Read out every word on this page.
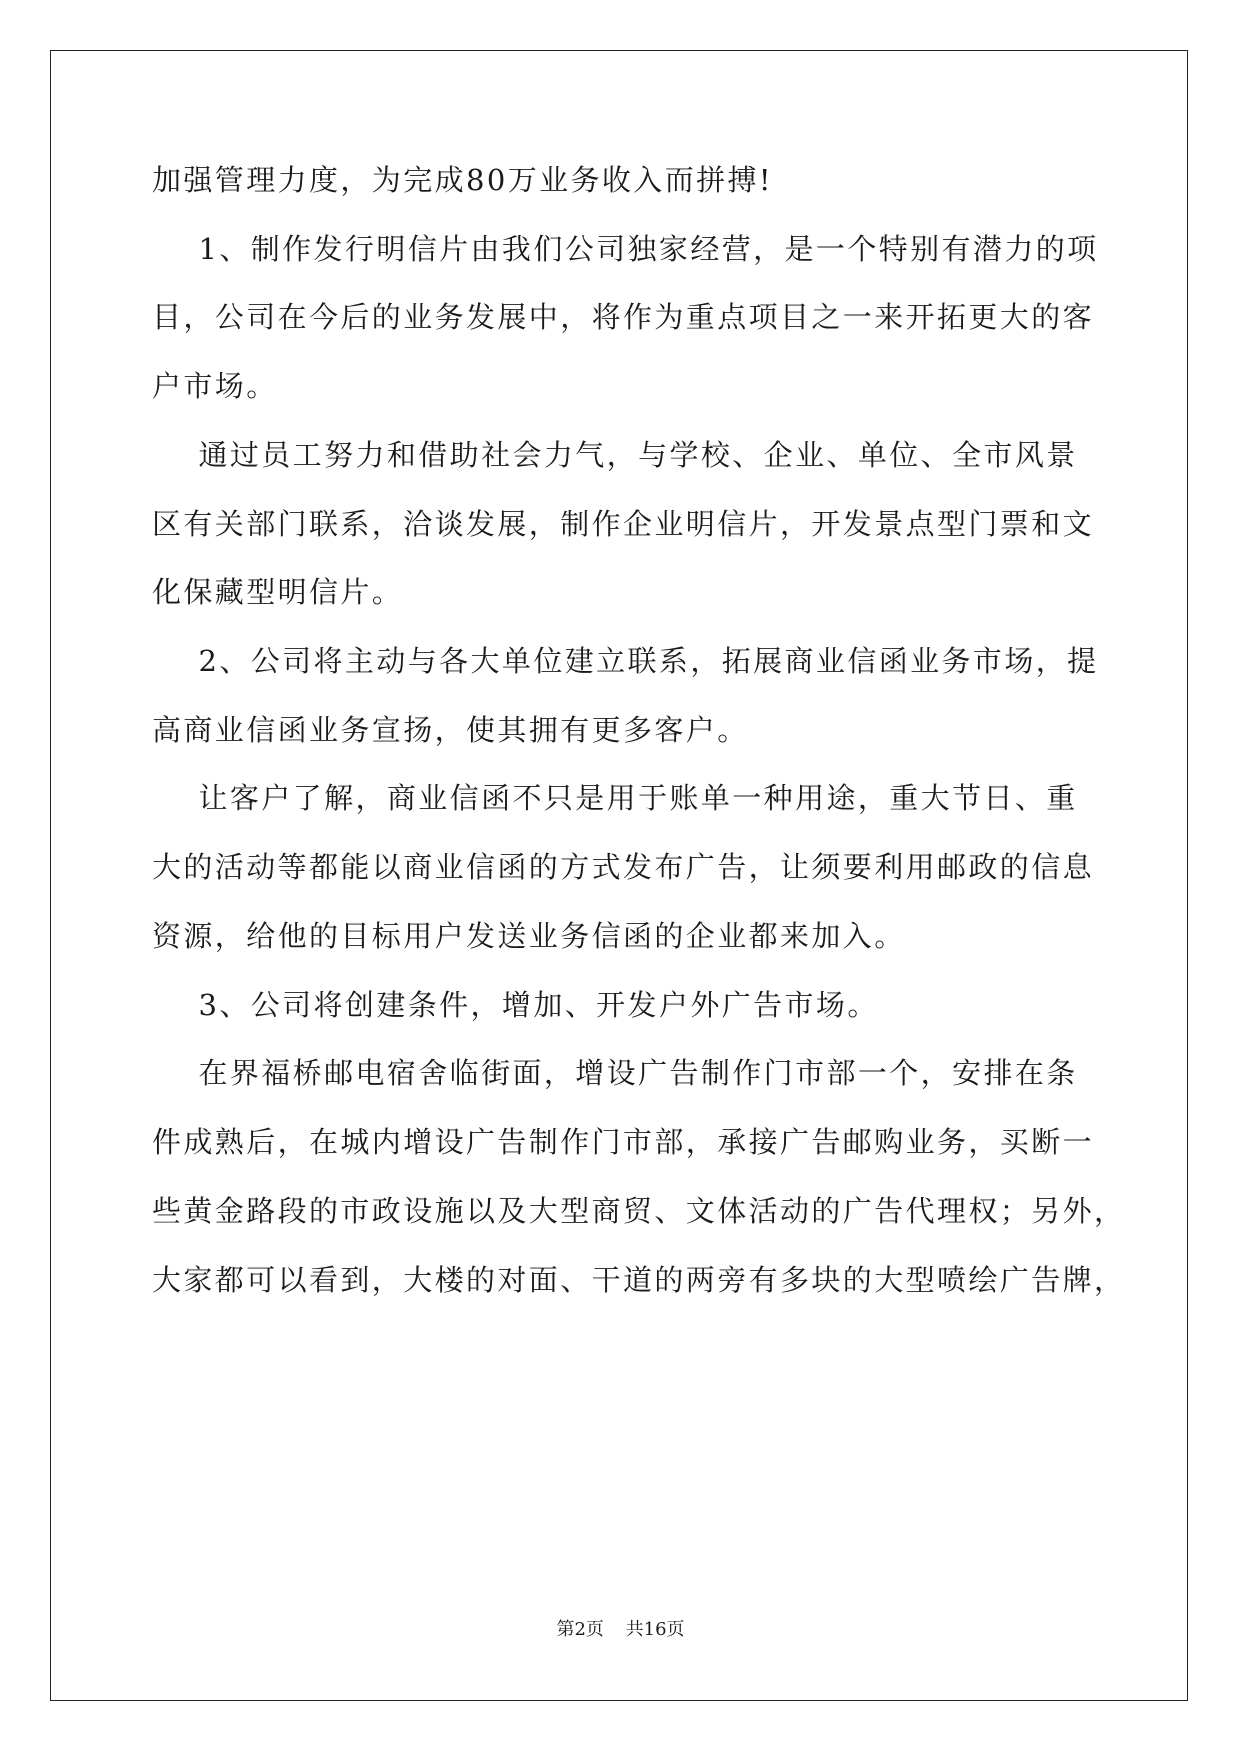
加强管理力度，为完成80万业务收入而拼搏!
1、制作发行明信片由我们公司独家经营，是一个特别有潜力的项
目，公司在今后的业务发展中，将作为重点项目之一来开拓更大的客
户市场。
通过员工努力和借助社会力气，与学校、企业、单位、全市风景
区有关部门联系，洽谈发展，制作企业明信片，开发景点型门票和文
化保藏型明信片。
2、公司将主动与各大单位建立联系，拓展商业信函业务市场，提
高商业信函业务宣扬，使其拥有更多客户。
让客户了解，商业信函不只是用于账单一种用途，重大节日、重
大的活动等都能以商业信函的方式发布广告，让须要利用邮政的信息
资源，给他的目标用户发送业务信函的企业都来加入。
3、公司将创建条件，增加、开发户外广告市场。
在界福桥邮电宿舍临街面，增设广告制作门市部一个，安排在条
件成熟后，在城内增设广告制作门市部，承接广告邮购业务，买断一
些黄金路段的市政设施以及大型商贸、文体活动的广告代理权；另外，
大家都可以看到，大楼的对面、干道的两旁有多块的大型喷绘广告牌，
第2页 共16页
